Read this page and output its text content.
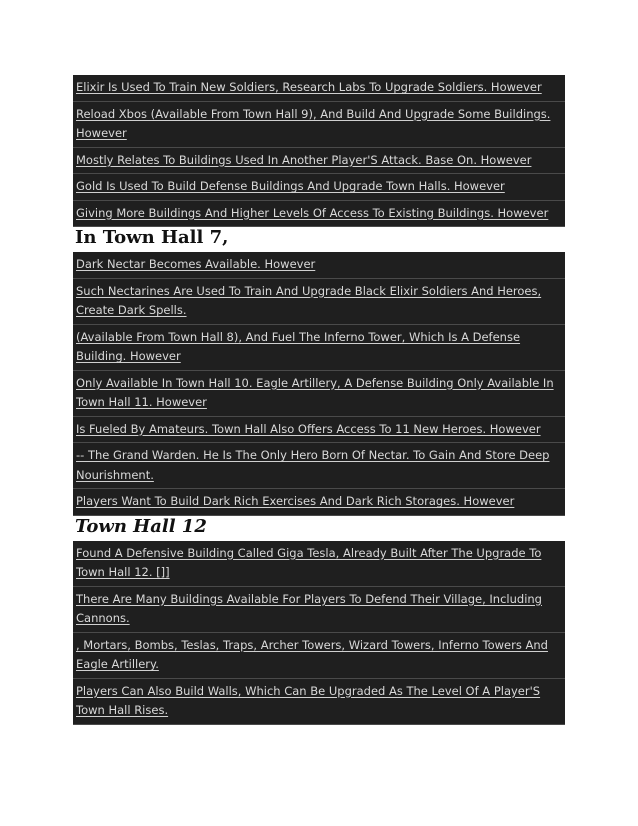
Elixir Is Used To Train New Soldiers, Research Labs To Upgrade Soldiers. However
Reload Xbos (Available From Town Hall 9), And Build And Upgrade Some Buildings. However
Mostly Relates To Buildings Used In Another Player'S Attack. Base On. However
Gold Is Used To Build Defense Buildings And Upgrade Town Halls. However
Giving More Buildings And Higher Levels Of Access To Existing Buildings. However
In Town Hall 7,
Dark Nectar Becomes Available. However
Such Nectarines Are Used To Train And Upgrade Black Elixir Soldiers And Heroes, Create Dark Spells.
(Available From Town Hall 8), And Fuel The Inferno Tower, Which Is A Defense Building. However
Only Available In Town Hall 10. Eagle Artillery, A Defense Building Only Available In Town Hall 11. However
Is Fueled By Amateurs. Town Hall Also Offers Access To 11 New Heroes. However
-- The Grand Warden. He Is The Only Hero Born Of Nectar. To Gain And Store Deep Nourishment.
Players Want To Build Dark Rich Exercises And Dark Rich Storages. However
Town Hall 12
Found A Defensive Building Called Giga Tesla, Already Built After The Upgrade To Town Hall 12. []]
There Are Many Buildings Available For Players To Defend Their Village, Including Cannons.
, Mortars, Bombs, Teslas, Traps, Archer Towers, Wizard Towers, Inferno Towers And Eagle Artillery.
Players Can Also Build Walls, Which Can Be Upgraded As The Level Of A Player'S Town Hall Rises.
